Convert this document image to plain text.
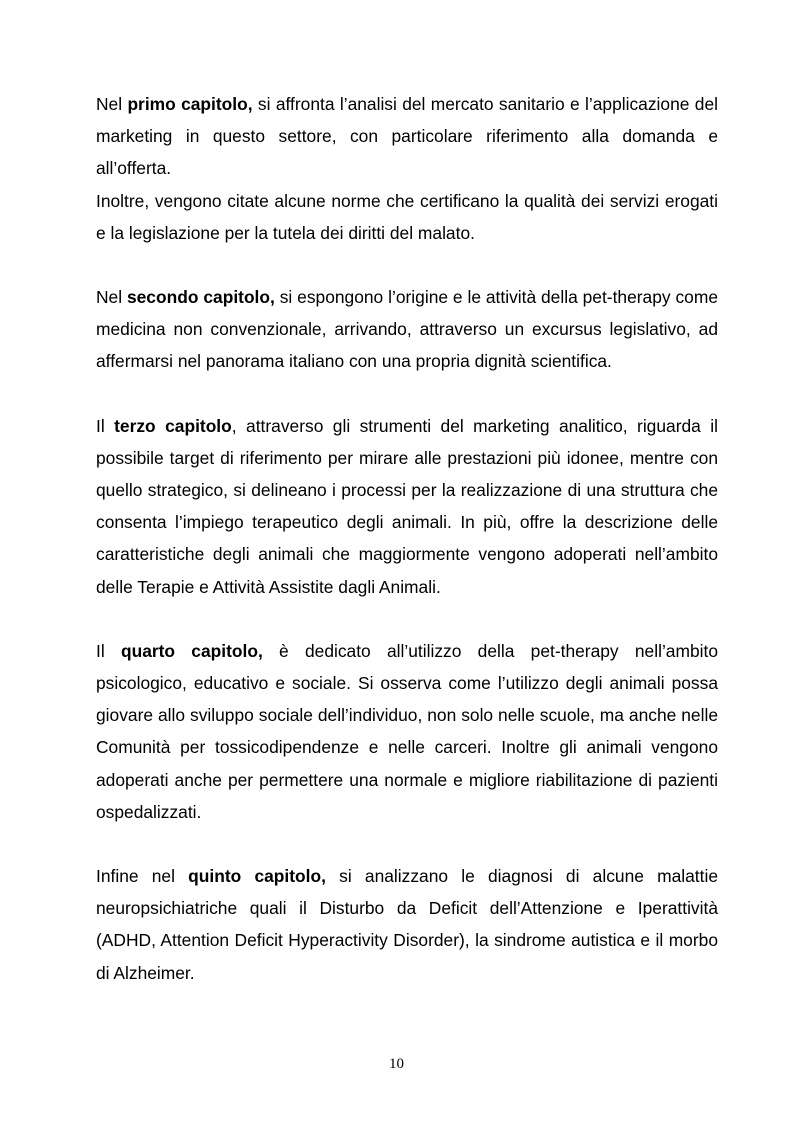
Nel primo capitolo, si affronta l’analisi del mercato sanitario e l’applicazione del marketing in questo settore, con particolare riferimento alla domanda e all’offerta.

Inoltre, vengono citate alcune norme che certificano la qualità dei servizi erogati e la legislazione per la tutela dei diritti del malato.

Nel secondo capitolo, si espongono l’origine e le attività della pet-therapy come medicina non convenzionale, arrivando, attraverso un excursus legislativo, ad affermarsi nel panorama italiano con una propria dignità scientifica.

Il terzo capitolo, attraverso gli strumenti del marketing analitico, riguarda il possibile target di riferimento per mirare alle prestazioni più idonee, mentre con quello strategico, si delineano i processi per la realizzazione di una struttura che consenta l’impiego terapeutico degli animali. In più, offre la descrizione delle caratteristiche degli animali che maggiormente vengono adoperati nell’ambito delle Terapie e Attività Assistite dagli Animali.

Il quarto capitolo, è dedicato all’utilizzo della pet-therapy nell’ambito psicologico, educativo e sociale. Si osserva come l’utilizzo degli animali possa giovare allo sviluppo sociale dell’individuo, non solo nelle scuole, ma anche nelle Comunità per tossicodipendenze e nelle carceri. Inoltre gli animali vengono adoperati anche per permettere una normale e migliore riabilitazione di pazienti ospedalizzati.

Infine nel quinto capitolo, si analizzano le diagnosi di alcune malattie neuropsichiatriche quali il Disturbo da Deficit dell’Attenzione e Iperattività (ADHD, Attention Deficit Hyperactivity Disorder), la sindrome autistica e il morbo di Alzheimer.

10
